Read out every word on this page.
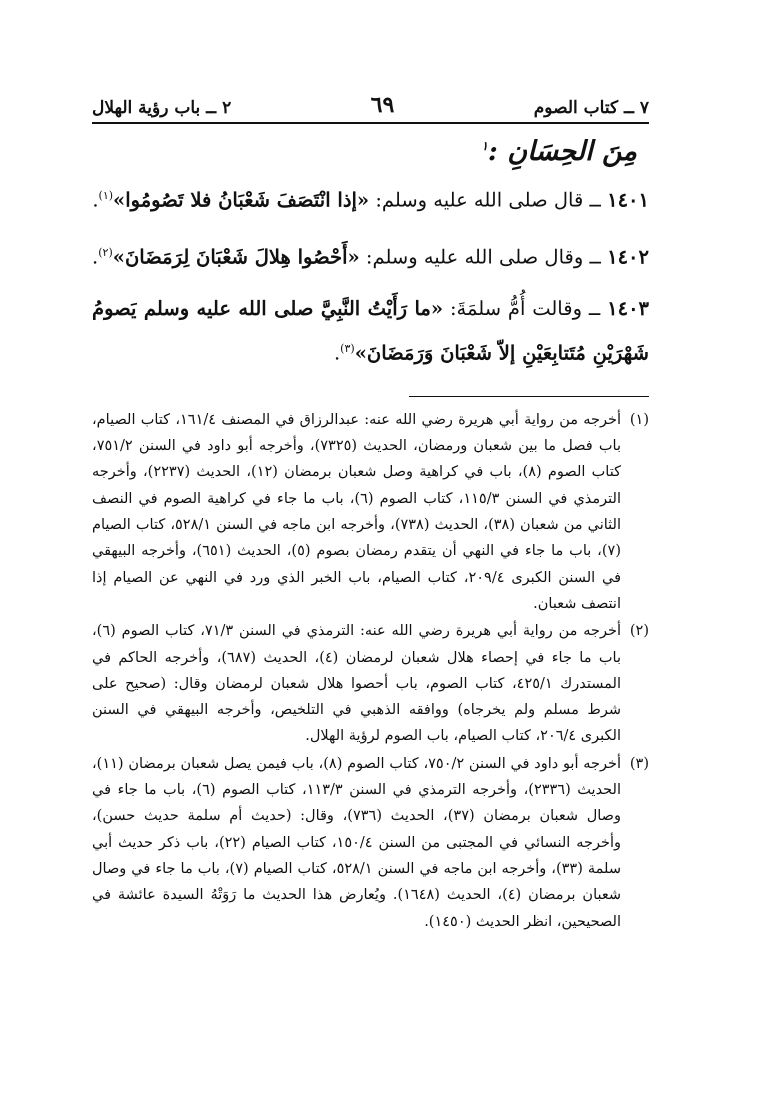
٧ ــ كتاب الصوم
٦٩
٢ ــ باب رؤية الهلال
مِنَ الحِسَانِ :$^١$

١٤٠١ ــ قال صلى الله عليه وسلم: «إذا انْتَصَفَ شَعْبَانُ فلا تَصُومُوا»$^{(١)}$.

١٤٠٢ ــ وقال صلى الله عليه وسلم: «أَحْصُوا هِلالَ شَعْبَانَ لِرَمَضَانَ»$^{(٢)}$.

١٤٠٣ ــ وقالت أُمُّ سلمَةَ: «ما رَأَيْتُ النَّبِيَّ صلى الله عليه وسلم يَصومُ شَهْرَيْنِ مُتَتابِعَيْنِ إلاّ شَعْبَانَ وَرَمَضَانَ»$^{(٣)}$.

(١)
أخرجه من رواية أبي هريرة رضي الله عنه: عبدالرزاق في المصنف ١٦١/٤، كتاب الصيام، باب فصل ما بين شعبان ورمضان، الحديث (٧٣٢٥)، وأخرجه أبو داود في السنن ٧٥١/٢، كتاب الصوم (٨)، باب في كراهية وصل شعبان برمضان (١٢)، الحديث (٢٢٣٧)، وأخرجه الترمذي في السنن ١١٥/٣، كتاب الصوم (٦)، باب ما جاء في كراهية الصوم في النصف الثاني من شعبان (٣٨)، الحديث (٧٣٨)، وأخرجه ابن ماجه في السنن ٥٢٨/١، كتاب الصيام (٧)، باب ما جاء في النهي أن يتقدم رمضان بصوم (٥)، الحديث (٦٥١)، وأخرجه البيهقي في السنن الكبرى ٢٠٩/٤، كتاب الصيام، باب الخبر الذي ورد في النهي عن الصيام إذا انتصف شعبان.
(٢)
أخرجه من رواية أبي هريرة رضي الله عنه: الترمذي في السنن ٧١/٣، كتاب الصوم (٦)، باب ما جاء في إحصاء هلال شعبان لرمضان (٤)، الحديث (٦٨٧)، وأخرجه الحاكم في المستدرك ٤٢٥/١، كتاب الصوم، باب أحصوا هلال شعبان لرمضان وقال: (صحيح على شرط مسلم ولم يخرجاه) ووافقه الذهبي في التلخيص، وأخرجه البيهقي في السنن الكبرى ٢٠٦/٤، كتاب الصيام، باب الصوم لرؤية الهلال.
(٣)
أخرجه أبو داود في السنن ٧٥٠/٢، كتاب الصوم (٨)، باب فيمن يصل شعبان برمضان (١١)، الحديث (٢٣٣٦)، وأخرجه الترمذي في السنن ١١٣/٣، كتاب الصوم (٦)، باب ما جاء في وصال شعبان برمضان (٣٧)، الحديث (٧٣٦)، وقال: (حديث أم سلمة حديث حسن)، وأخرجه النسائي في المجتبى من السنن ١٥٠/٤، كتاب الصيام (٢٢)، باب ذكر حديث أبي سلمة (٣٣)، وأخرجه ابن ماجه في السنن ٥٢٨/١، كتاب الصيام (٧)، باب ما جاء في وصال شعبان برمضان (٤)، الحديث (١٦٤٨). ويُعارض هذا الحديث ما رَوَتْهُ السيدة عائشة في الصحيحين، انظر الحديث (١٤٥٠).
